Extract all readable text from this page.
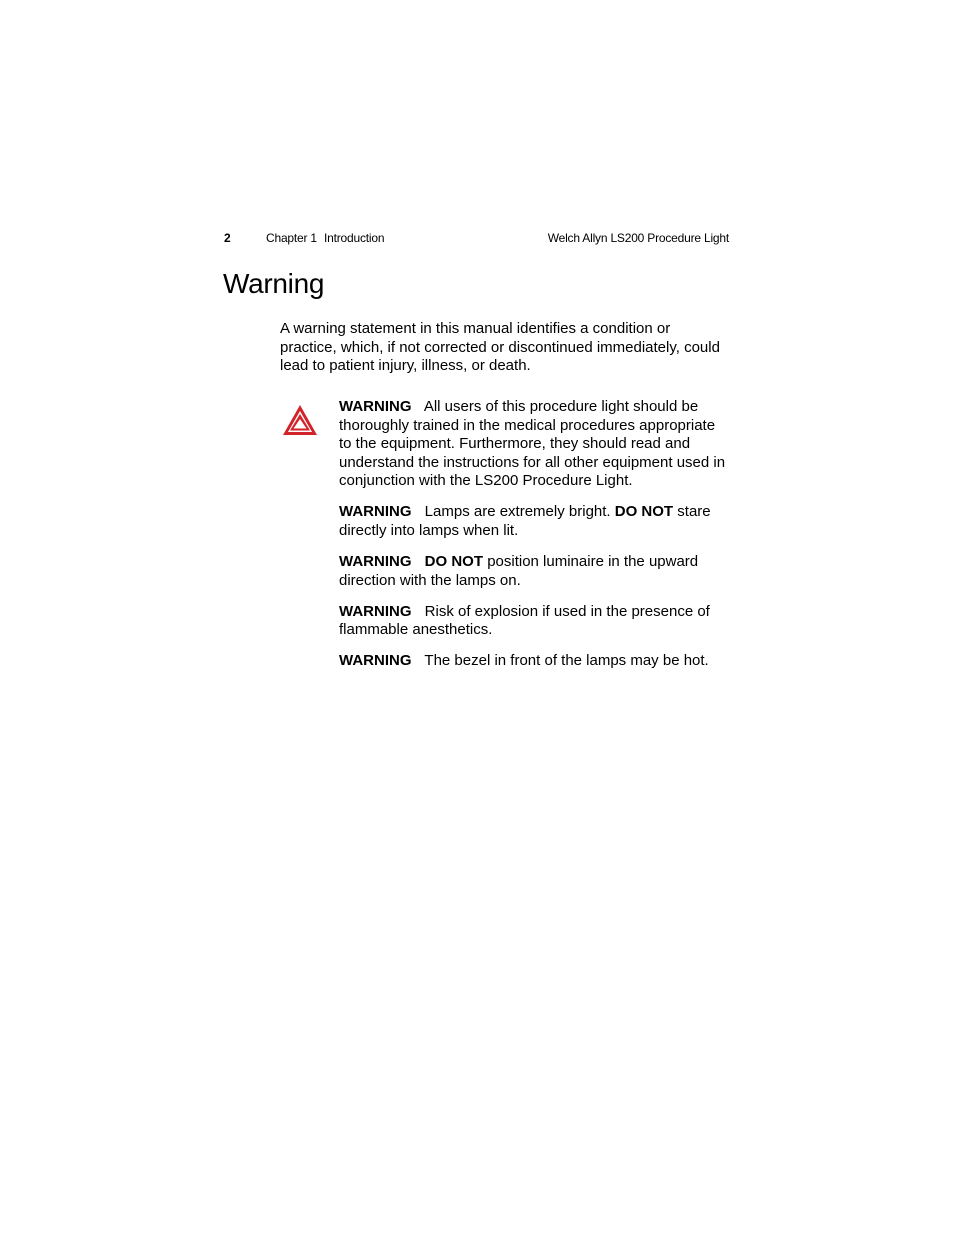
2	Chapter 1 Introduction	Welch Allyn LS200 Procedure Light
Warning

A warning statement in this manual identifies a condition or practice, which, if not corrected or discontinued immediately, could lead to patient injury, illness, or death.

WARNING All users of this procedure light should be thoroughly trained in the medical procedures appropriate to the equipment. Furthermore, they should read and understand the instructions for all other equipment used in conjunction with the LS200 Procedure Light.

WARNING Lamps are extremely bright. DO NOT stare directly into lamps when lit.

WARNING DO NOT position luminaire in the upward direction with the lamps on.

WARNING Risk of explosion if used in the presence of flammable anesthetics.

WARNING The bezel in front of the lamps may be hot.
